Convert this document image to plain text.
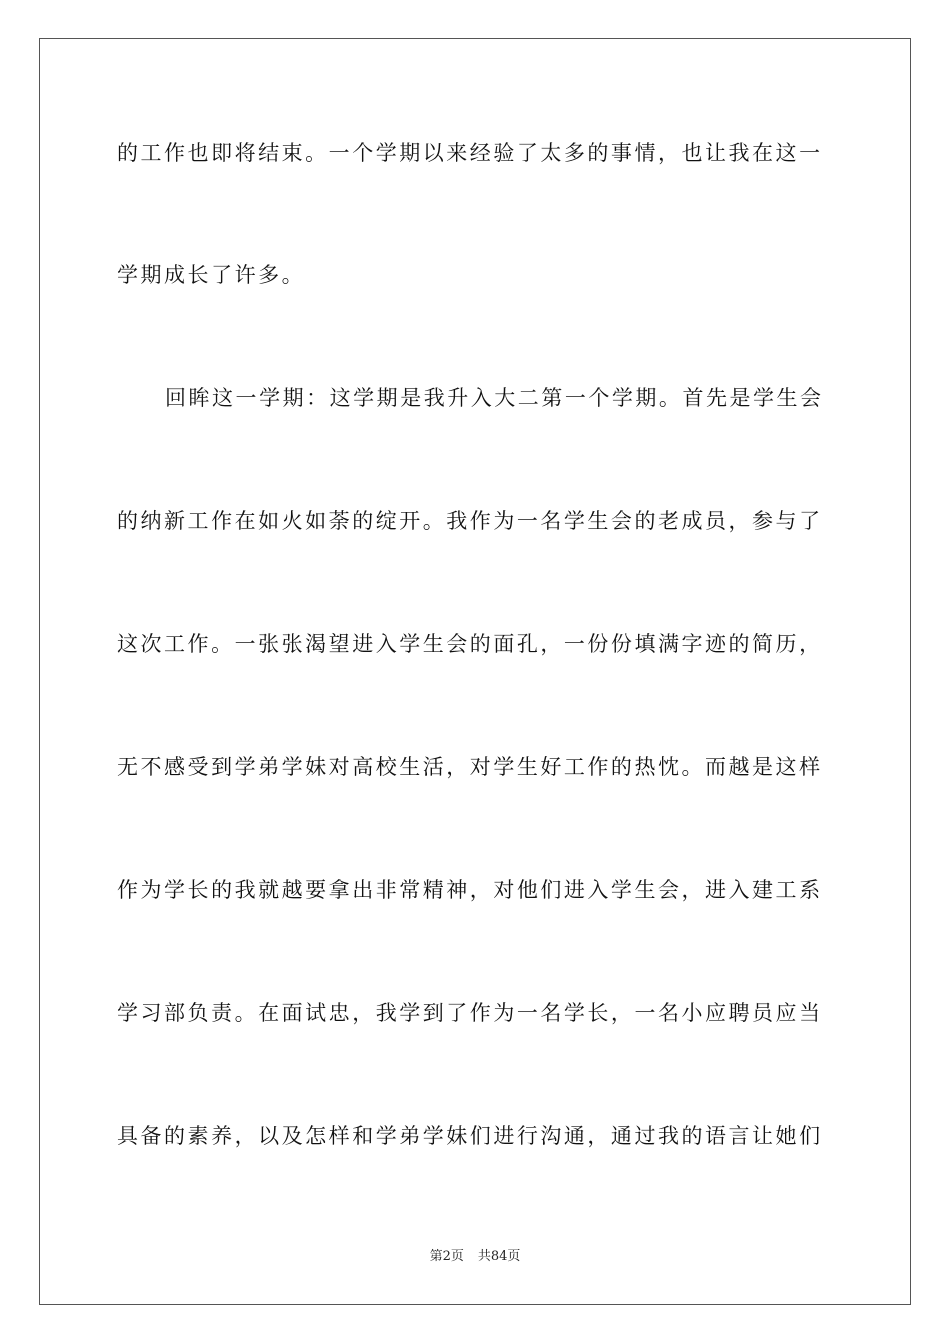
的工作也即将结束。一个学期以来经验了太多的事情，也让我在这一
学期成长了许多。
回眸这一学期：这学期是我升入大二第一个学期。首先是学生会
的纳新工作在如火如荼的绽开。我作为一名学生会的老成员，参与了
这次工作。一张张渴望进入学生会的面孔，一份份填满字迹的简历，
无不感受到学弟学妹对高校生活，对学生好工作的热忱。而越是这样
作为学长的我就越要拿出非常精神，对他们进入学生会，进入建工系
学习部负责。在面试忠，我学到了作为一名学长，一名小应聘员应当
具备的素养，以及怎样和学弟学妹们进行沟通，通过我的语言让她们
第2页 共84页
